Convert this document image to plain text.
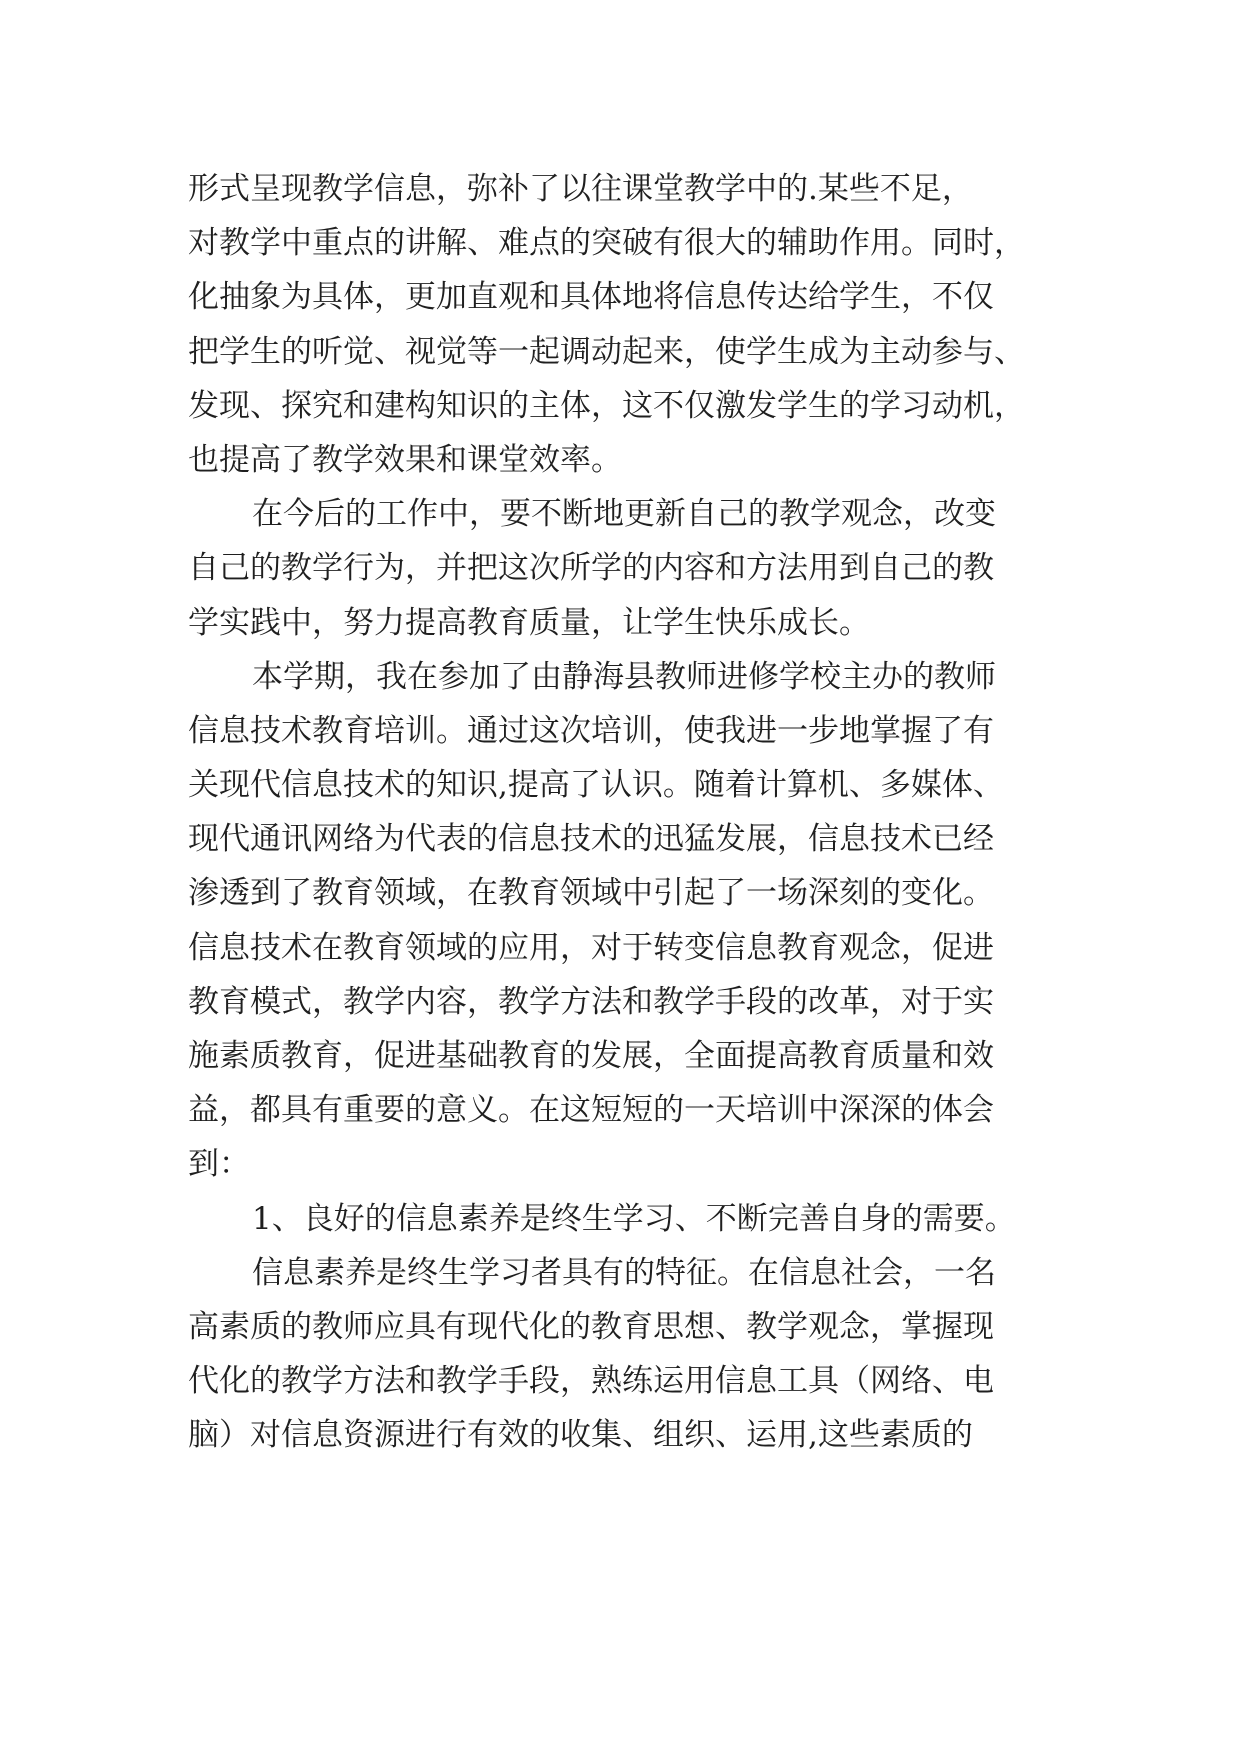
形式呈现教学信息，弥补了以往课堂教学中的.某些不足，
对教学中重点的讲解、难点的突破有很大的辅助作用。同时，
化抽象为具体，更加直观和具体地将信息传达给学生，不仅
把学生的听觉、视觉等一起调动起来，使学生成为主动参与、
发现、探究和建构知识的主体，这不仅激发学生的学习动机，
也提高了教学效果和课堂效率。
在今后的工作中，要不断地更新自己的教学观念，改变
自己的教学行为，并把这次所学的内容和方法用到自己的教
学实践中，努力提高教育质量，让学生快乐成长。
本学期，我在参加了由静海县教师进修学校主办的教师
信息技术教育培训。通过这次培训，使我进一步地掌握了有
关现代信息技术的知识,提高了认识。随着计算机、多媒体、
现代通讯网络为代表的信息技术的迅猛发展，信息技术已经
渗透到了教育领域，在教育领域中引起了一场深刻的变化。
信息技术在教育领域的应用，对于转变信息教育观念，促进
教育模式，教学内容，教学方法和教学手段的改革，对于实
施素质教育，促进基础教育的发展，全面提高教育质量和效
益，都具有重要的意义。在这短短的一天培训中深深的体会
到：
1、良好的信息素养是终生学习、不断完善自身的需要。
信息素养是终生学习者具有的特征。在信息社会，一名
高素质的教师应具有现代化的教育思想、教学观念，掌握现
代化的教学方法和教学手段，熟练运用信息工具（网络、电
脑）对信息资源进行有效的收集、组织、运用,这些素质的
